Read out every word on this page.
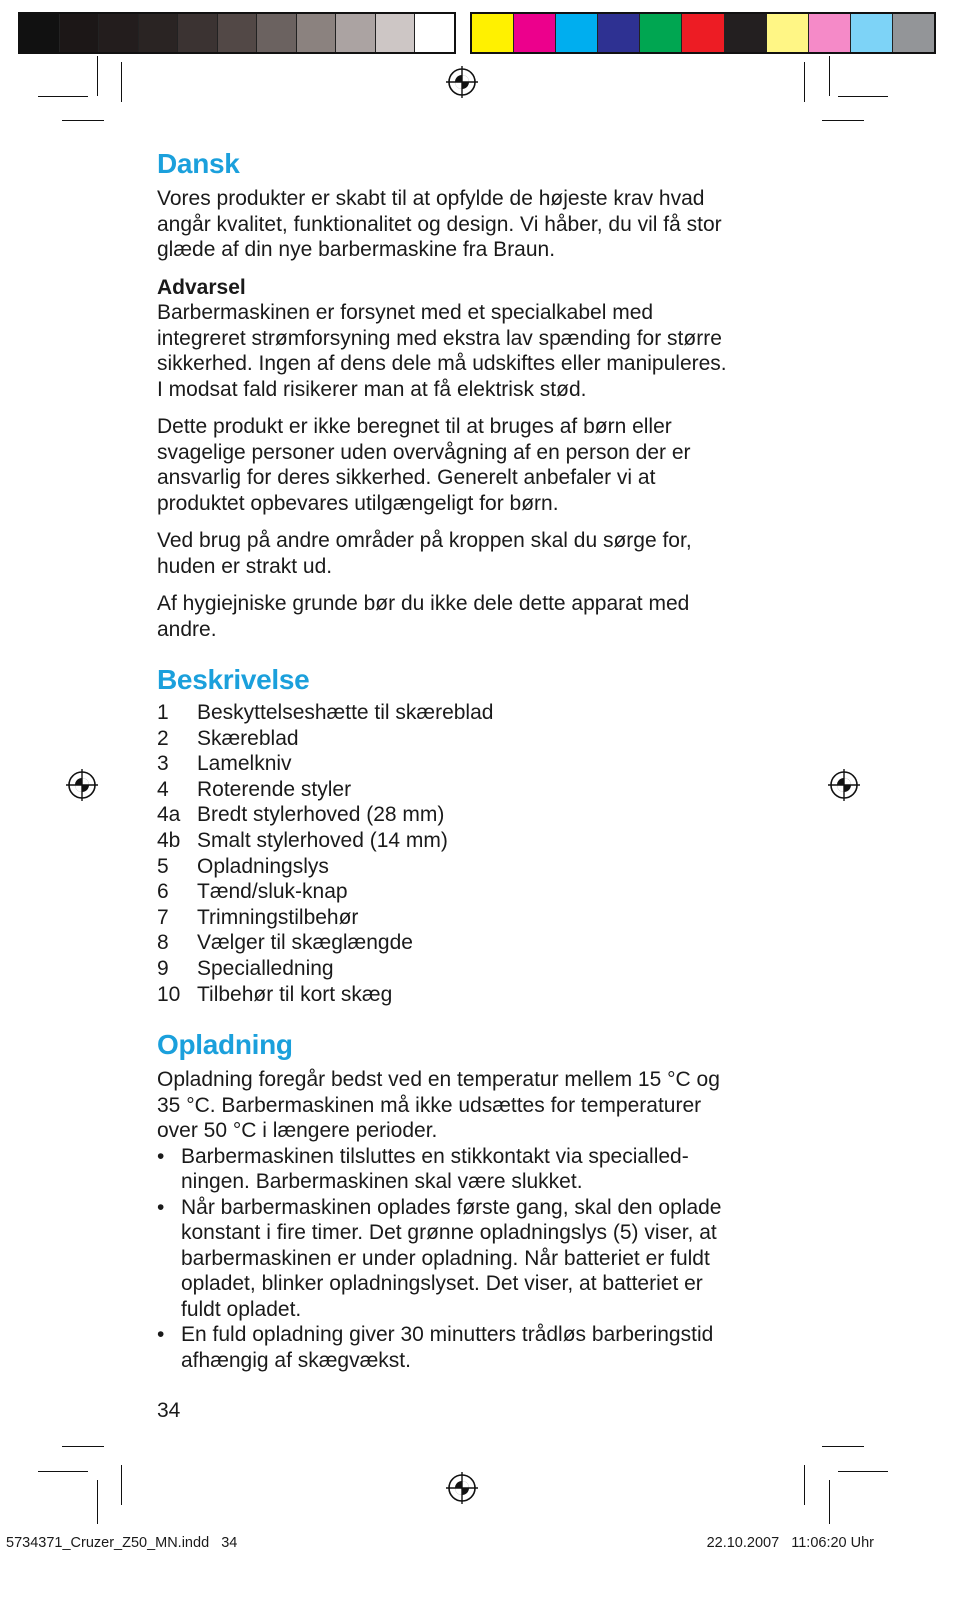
Dansk

Vores produkter er skabt til at opfylde de højeste krav hvad
angår kvalitet, funktionalitet og design. Vi håber, du vil få stor
glæde af din nye barbermaskine fra Braun.

Advarsel

Barbermaskinen er forsynet med et specialkabel med
integreret strømforsyning med ekstra lav spænding for større
sikkerhed. Ingen af dens dele må udskiftes eller manipuleres.
I modsat fald risikerer man at få elektrisk stød.

Dette produkt er ikke beregnet til at bruges af børn eller
svagelige personer uden overvågning af en person der er
ansvarlig for deres sikkerhed. Generelt anbefaler vi at
produktet opbevares utilgængeligt for børn.

Ved brug på andre områder på kroppen skal du sørge for,
huden er strakt ud.

Af hygiejniske grunde bør du ikke dele dette apparat med
andre.

Beskrivelse
1	Beskyttelseshætte til skæreblad
2	Skæreblad
3	Lamelkniv
4	Roterende styler
4a Bredt stylerhoved (28 mm)
4b Smalt stylerhoved (14 mm)
5	Opladningslys
6	Tænd/sluk-knap
7	Trimningstilbehør
8	Vælger til skæglængde
9	Specialledning
10 Tilbehør til kort skæg
Opladning

Opladning foregår bedst ved en temperatur mellem 15 °C og
35 °C. Barbermaskinen må ikke udsættes for temperaturer
over 50 °C i længere perioder.

• Barbermaskinen tilsluttes en stikkontakt via specialled-
ningen. Barbermaskinen skal være slukket.
• Når barbermaskinen oplades første gang, skal den oplade
konstant i fire timer. Det grønne opladningslys (5) viser, at
barbermaskinen er under opladning. Når batteriet er fuldt
opladet, blinker opladningslyset. Det viser, at batteriet er
fuldt opladet.
• En fuld opladning giver 30 minutters trådløs barberingstid
afhængig af skægvækst.
34
5734371_Cruzer_Z50_MN.indd   34	22.10.2007   11:06:20 Uhr
